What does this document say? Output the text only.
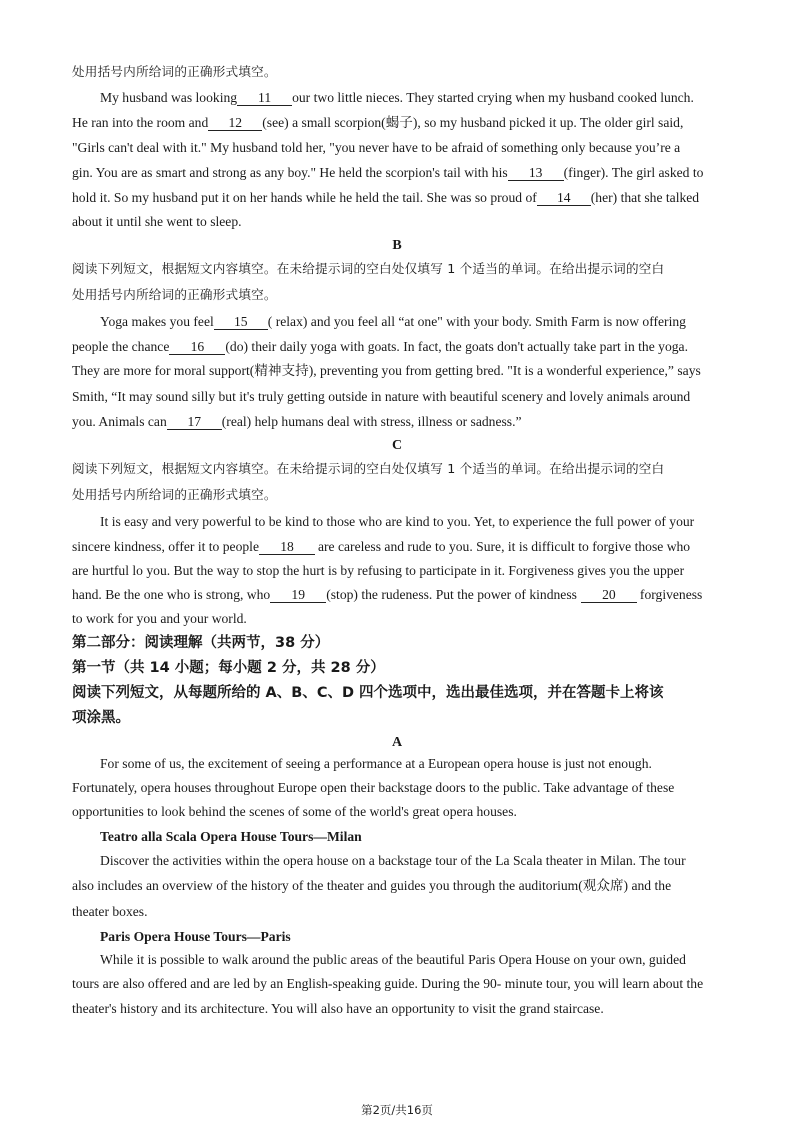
处用括号内所给词的正确形式填空。
My husband was looking 11 our two little nieces. They started crying when my husband cooked lunch.
He ran into the room and 12 (see) a small scorpion(蝎子), so my husband picked it up. The older girl said,
"Girls can't deal with it." My husband told her, "you never have to be afraid of something only because you’re a
gin. You are as smart and strong as any boy." He held the scorpion's tail with his 13 (finger). The girl asked to
hold it. So my husband put it on her hands while he held the tail. She was so proud of 14 (her) that she talked
about it until she went to sleep.
B
阅读下列短文，根据短文内容填空。在未给提示词的空白处仅填写 1 个适当的单词。在给出提示词的空白
处用括号内所给词的正确形式填空。
Yoga makes you feel 15 ( relax) and you feel all “at one" with your body. Smith Farm is now offering
people the chance 16 (do) their daily yoga with goats. In fact, the goats don't actually take part in the yoga.
They are more for moral support(精神支持), preventing you from getting bred. "It is a wonderful experience,” says
Smith, “It may sound silly but it's truly getting outside in nature with beautiful scenery and lovely animals around
you. Animals can 17 (real) help humans deal with stress, illness or sadness.”
C
阅读下列短文，根据短文内容填空。在未给提示词的空白处仅填写 1 个适当的单词。在给出提示词的空白
处用括号内所给词的正确形式填空。
It is easy and very powerful to be kind to those who are kind to you. Yet, to experience the full power of your
sincere kindness, offer it to people 18 are careless and rude to you. Sure, it is difficult to forgive those who
are hurtful lo you. But the way to stop the hurt is by refusing to participate in it. Forgiveness gives you the upper
hand. Be the one who is strong, who 19 (stop) the rudeness. Put the power of kindness 20 forgiveness
to work for you and your world.
第二部分：阅读理解（共两节，38 分）
第一节（共 14 小题；每小题 2 分，共 28 分）
阅读下列短文，从每题所给的 A、B、C、D 四个选项中，选出最佳选项，并在答题卡上将该
项涂黑。
A
For some of us, the excitement of seeing a performance at a European opera house is just not enough.
Fortunately, opera houses throughout Europe open their backstage doors to the public. Take advantage of these
opportunities to look behind the scenes of some of the world's great opera houses.
Teatro alla Scala Opera House Tours—Milan
Discover the activities within the opera house on a backstage tour of the La Scala theater in Milan. The tour
also includes an overview of the history of the theater and guides you through the auditorium(观众席) and the
theater boxes.
Paris Opera House Tours—Paris
While it is possible to walk around the public areas of the beautiful Paris Opera House on your own, guided
tours are also offered and are led by an English-speaking guide. During the 90- minute tour, you will learn about the
theater's history and its architecture. You will also have an opportunity to visit the grand staircase.
第2页/共16页
